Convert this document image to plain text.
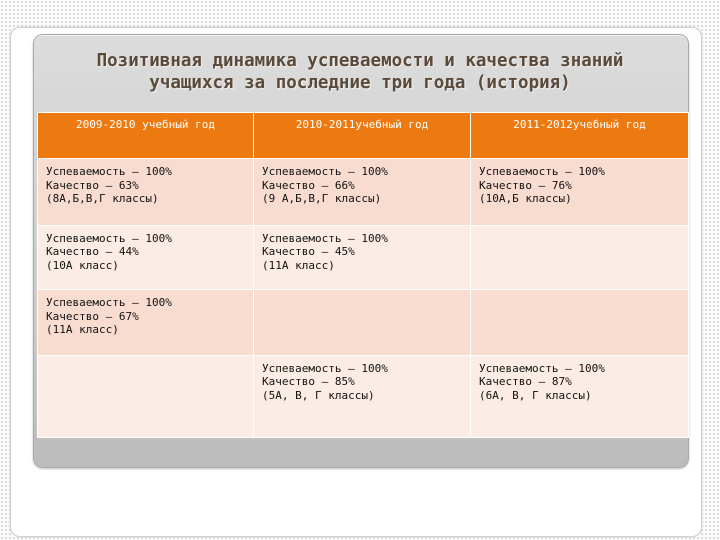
Позитивная динамика успеваемости и качества знаний
учащихся за последние три года (история)
2009-2010 учебный год	2010-2011учебный год	2011-2012учебный год

Успеваемость – 100%
Качество – 63%
(8А,Б,В,Г классы)	Успеваемость – 100%
Качество – 66%
(9 А,Б,В,Г классы)	Успеваемость – 100%
Качество – 76%
(10А,Б классы)

Успеваемость – 100%
Качество – 44%
(10А класс)	Успеваемость – 100%
Качество – 45%
(11А класс)	

Успеваемость – 100%
Качество – 67%
(11А класс)		

	Успеваемость – 100%
Качество – 85%
(5А, В, Г классы)	Успеваемость – 100%
Качество – 87%
(6А, В, Г классы)
